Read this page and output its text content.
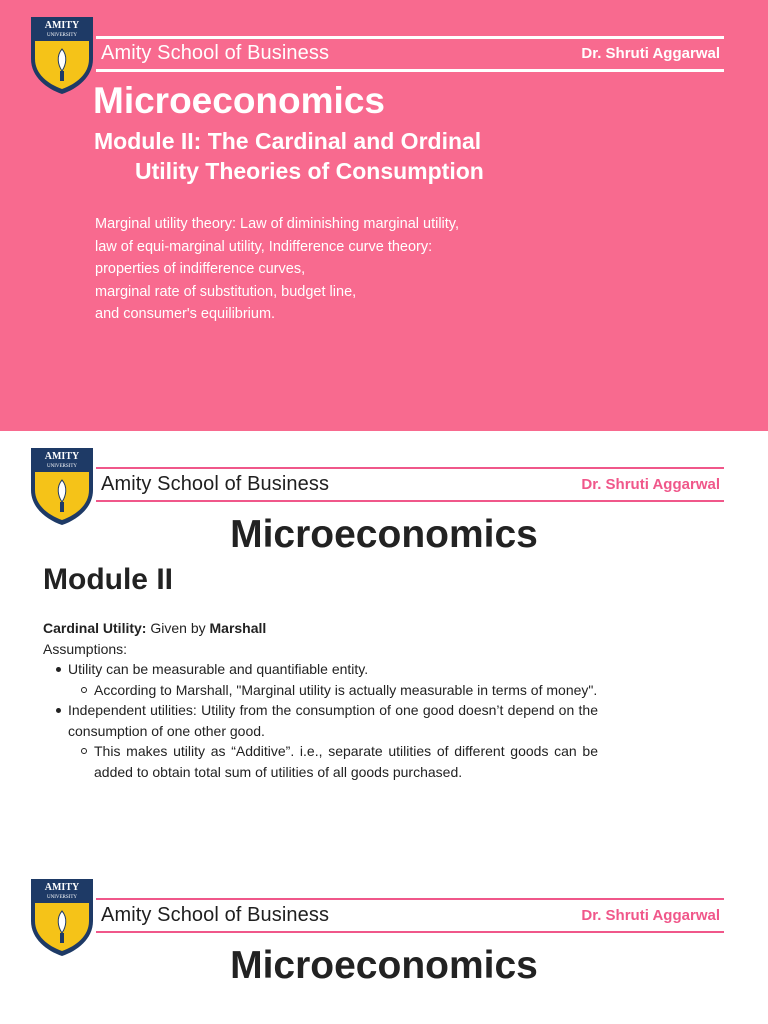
AMITY
UNIVERSITY
Amity School of Business	Dr. Shruti Aggarwal
Microeconomics
Module II: The Cardinal and Ordinal
Utility Theories of Consumption
Marginal utility theory: Law of diminishing marginal utility,
law of equi-marginal utility, Indifference curve theory:
properties of indifference curves,
marginal rate of substitution, budget line,
and consumer's equilibrium.
AMITY
UNIVERSITY
Amity School of Business	Dr. Shruti Aggarwal
Microeconomics
Module II
Cardinal Utility: Given by Marshall
Assumptions:
Utility can be measurable and quantifiable entity.
According to Marshall, "Marginal utility is actually measurable in terms of money".
Independent utilities: Utility from the consumption of one good doesn’t depend on the consumption of one other good.
This makes utility as “Additive”. i.e., separate utilities of different goods can be added to obtain total sum of utilities of all goods purchased.
AMITY
UNIVERSITY
Amity School of Business	Dr. Shruti Aggarwal
Microeconomics
